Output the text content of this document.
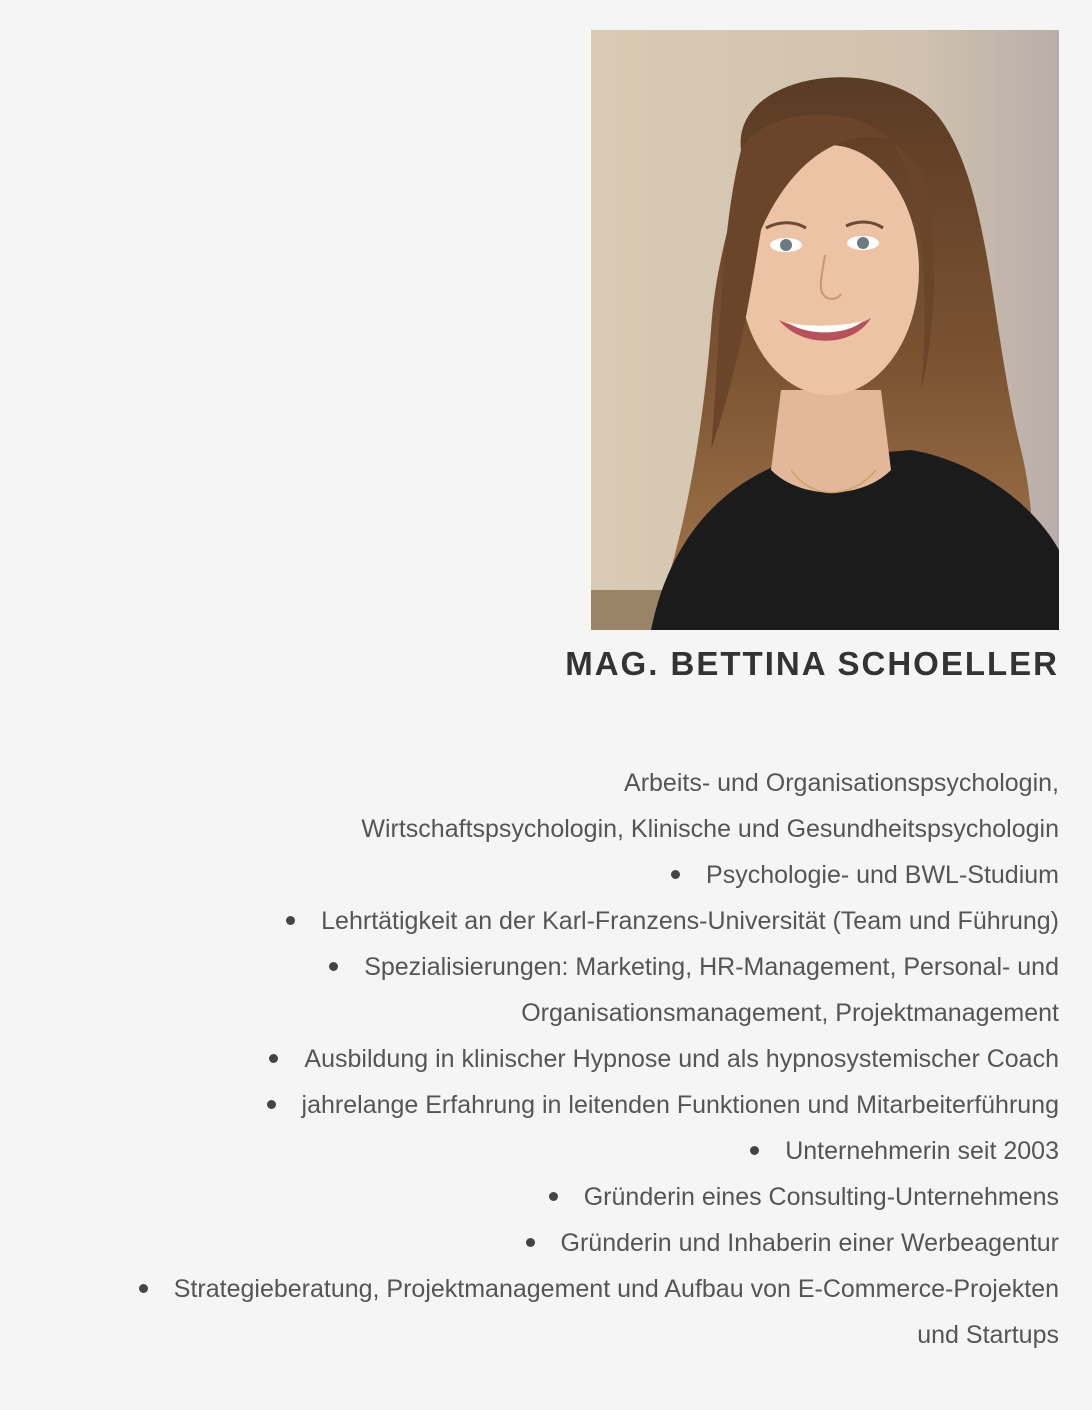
MAG. BETTINA SCHOELLER

Arbeits- und Organisationspsychologin,

Wirtschaftspsychologin, Klinische und Gesundheitspsychologin

Psychologie- und BWL-Studium
Lehrtätigkeit an der Karl-Franzens-Universität (Team und Führung)
Spezialisierungen: Marketing, HR-Management, Personal- und
Organisationsmanagement, Projektmanagement
Ausbildung in klinischer Hypnose und als hypnosystemischer Coach
jahrelange Erfahrung in leitenden Funktionen und Mitarbeiterführung
Unternehmerin seit 2003
Gründerin eines Consulting-Unternehmens
Gründerin und Inhaberin einer Werbeagentur
Strategieberatung, Projektmanagement und Aufbau von E-Commerce-Projekten
und Startups
